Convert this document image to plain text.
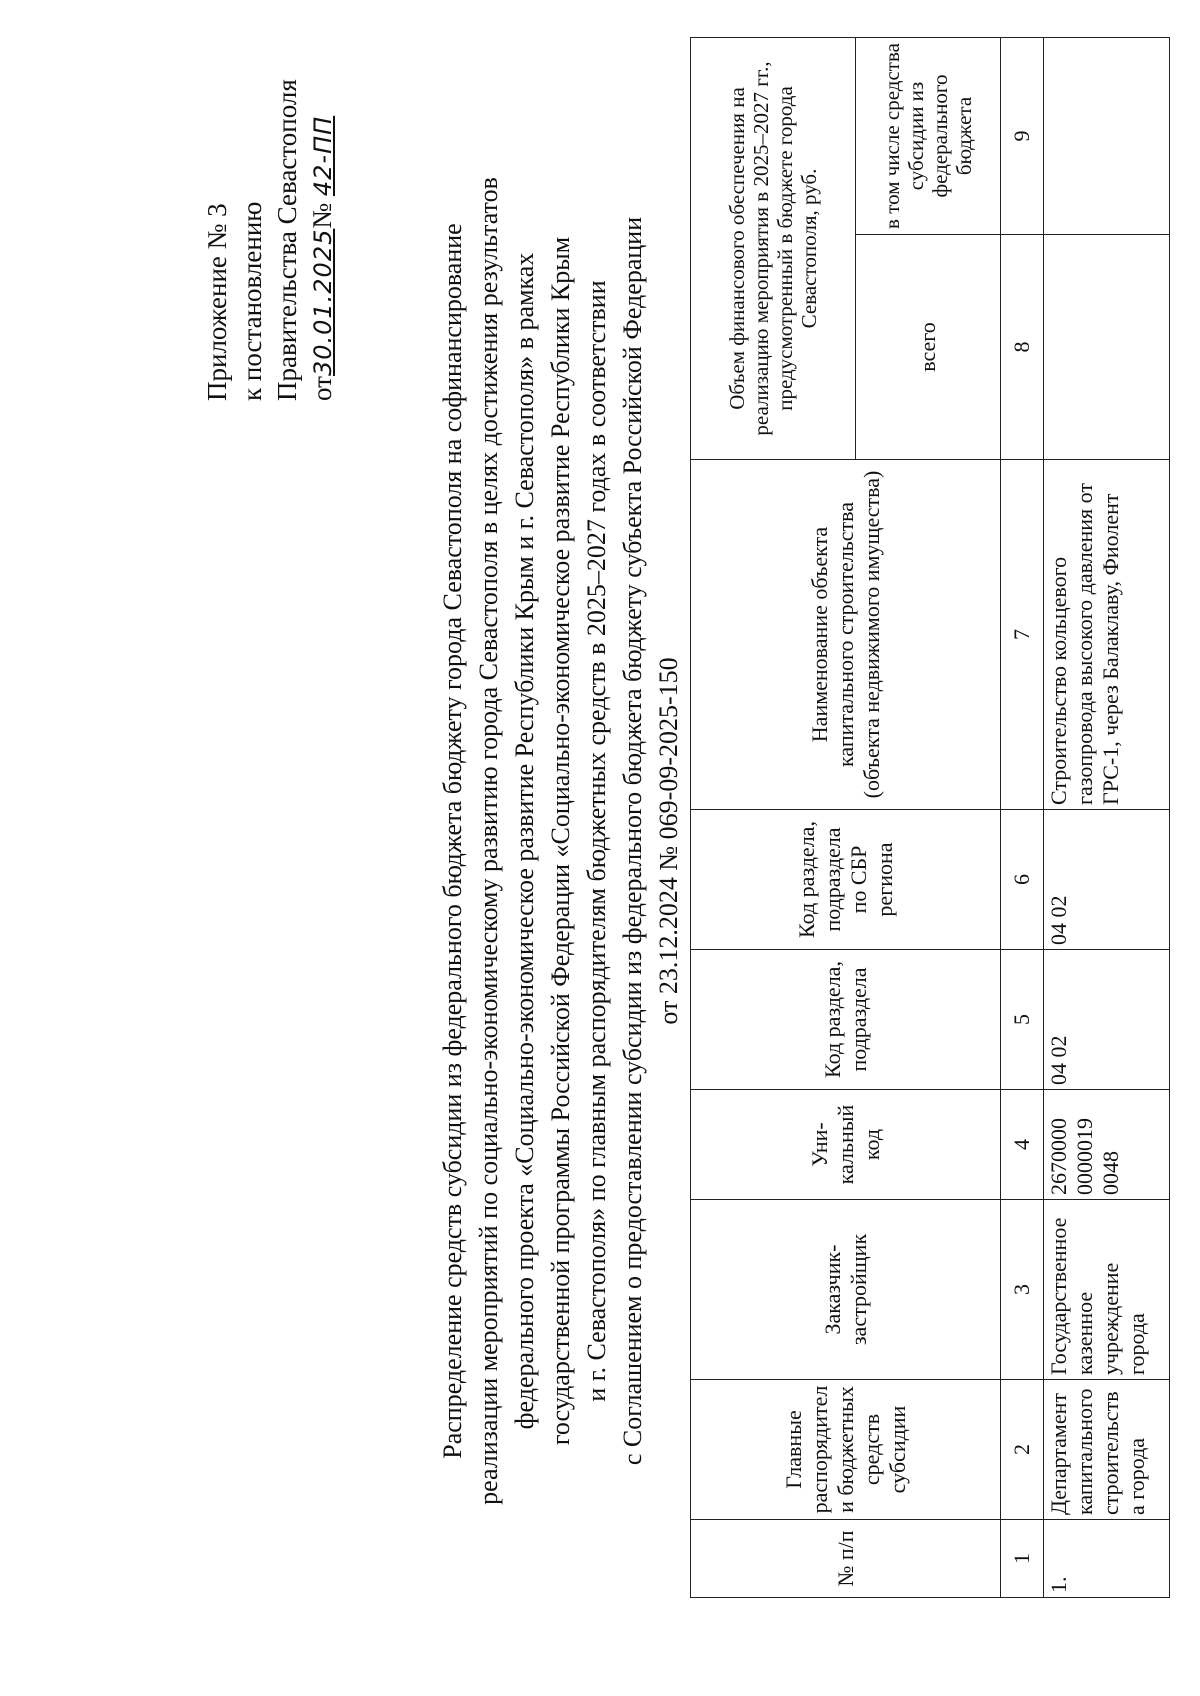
Приложение № 3 к постановлению Правительства Севастополя от30.01.2025№ 42-ПП
Распределение средств субсидии из федерального бюджета бюджету города Севастополя на софинансирование реализации мероприятий по социально-экономическому развитию города Севастополя в целях достижения результатов федерального проекта «Социально-экономическое развитие Республики Крым и г. Севастополя» в рамках государственной программы Российской Федерации «Социально-экономическое развитие Республики Крым и г. Севастополя» по главным распорядителям бюджетных средств в 2025–2027 годах в соответствии с Соглашением о предоставлении субсидии из федерального бюджета бюджету субъекта Российской Федерации от 23.12.2024 № 069-09-2025-150
№ п/п	Главные распорядители бюджетных средств субсидии	Заказчик-застройщик	Уни-кальный код	Код раздела, подраздела	Код раздела, подраздела по СБР региона	Наименование объекта капитального строительства (объекта недвижимого имущества)	Объем финансового обеспечения на реализацию мероприятия в 2025–2027 гг., предусмотренный в бюджете города Севастополя, руб.	
							всего	в том числе средства субсидии из федерального бюджета
1	2	3	4	5	6	7	8	9
1.	Департамент капитального строительства города	Государственное казенное учреждение города	2670000 0000019 0048	04 02	04 02	Строительство кольцевого газопровода высокого давления от ГРС-1, через Балаклаву, Фиолент		
